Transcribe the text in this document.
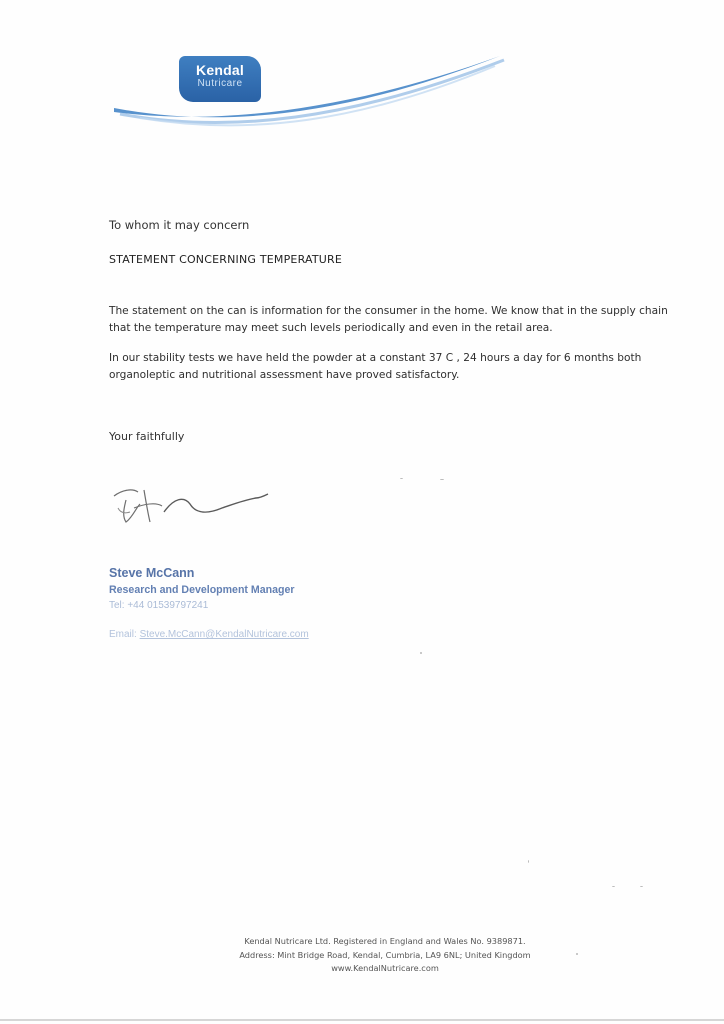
Kendal
Nutricare
To whom it may concern
STATEMENT CONCERNING TEMPERATURE

The statement on the can is information for the consumer in the home. We know that in the supply chain that the temperature may meet such levels periodically and even in the retail area.

In our stability tests we have held the powder at a constant 37 C , 24 hours a day for 6 months both organoleptic and nutritional assessment have proved satisfactory.

Your faithfully
Steve McCann
Research and Development Manager
Tel: +44 01539797241
Email: Steve.McCann@KendalNutricare.com
Kendal Nutricare Ltd. Registered in England and Wales No. 9389871.
Address: Mint Bridge Road, Kendal, Cumbria, LA9 6NL; United Kingdom
www.KendalNutricare.com
